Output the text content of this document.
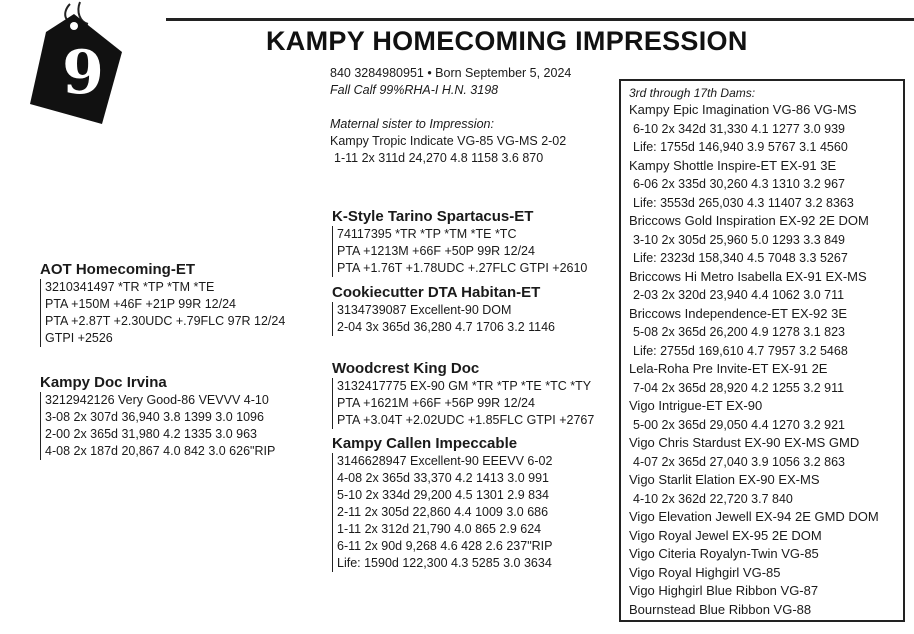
9	KAMPY HOMECOMING IMPRESSION
840 3284980951 • Born September 5, 2024
Fall Calf 99%RHA-I H.N. 3198
Maternal sister to Impression:
Kampy Tropic Indicate VG-85 VG-MS 2-02
1-11 2x 311d 24,270 4.8 1158 3.6 870
AOT Homecoming-ET
3210341497 *TR *TP *TM *TE
PTA +150M +46F +21P 99R 12/24
PTA +2.87T +2.30UDC +.79FLC 97R 12/24
GTPI +2526
Kampy Doc Irvina
3212942126 Very Good-86 VEVVV 4-10
3-08 2x 307d 36,940 3.8 1399 3.0 1096
2-00 2x 365d 31,980 4.2 1335 3.0 963
4-08 2x 187d 20,867 4.0 842 3.0 626"RIP
K-Style Tarino Spartacus-ET
74117395 *TR *TP *TM *TE *TC
PTA +1213M +66F +50P 99R 12/24
PTA +1.76T +1.78UDC +.27FLC GTPI +2610
Cookiecutter DTA Habitan-ET
3134739087 Excellent-90 DOM
2-04 3x 365d 36,280 4.7 1706 3.2 1146
Woodcrest King Doc
3132417775 EX-90 GM *TR *TP *TE *TC *TY
PTA +1621M +66F +56P 99R 12/24
PTA +3.04T +2.02UDC +1.85FLC GTPI +2767
Kampy Callen Impeccable
3146628947 Excellent-90 EEEVV 6-02
4-08 2x 365d 33,370 4.2 1413 3.0 991
5-10 2x 334d 29,200 4.5 1301 2.9 834
2-11 2x 305d 22,860 4.4 1009 3.0 686
1-11 2x 312d 21,790 4.0 865 2.9 624
6-11 2x 90d 9,268 4.6 428 2.6 237"RIP
Life: 1590d 122,300 4.3 5285 3.0 3634
3rd through 17th Dams:
Kampy Epic Imagination VG-86 VG-MS
6-10 2x 342d 31,330 4.1 1277 3.0 939
Life: 1755d 146,940 3.9 5767 3.1 4560
Kampy Shottle Inspire-ET EX-91 3E
6-06 2x 335d 30,260 4.3 1310 3.2 967
Life: 3553d 265,030 4.3 11407 3.2 8363
Briccows Gold Inspiration EX-92 2E DOM
3-10 2x 305d 25,960 5.0 1293 3.3 849
Life: 2323d 158,340 4.5 7048 3.3 5267
Briccows Hi Metro Isabella EX-91 EX-MS
2-03 2x 320d 23,940 4.4 1062 3.0 711
Briccows Independence-ET EX-92 3E
5-08 2x 365d 26,200 4.9 1278 3.1 823
Life: 2755d 169,610 4.7 7957 3.2 5468
Lela-Roha Pre Invite-ET EX-91 2E
7-04 2x 365d 28,920 4.2 1255 3.2 911
Vigo Intrigue-ET EX-90
5-00 2x 365d 29,050 4.4 1270 3.2 921
Vigo Chris Stardust EX-90 EX-MS GMD
4-07 2x 365d 27,040 3.9 1056 3.2 863
Vigo Starlit Elation EX-90 EX-MS
4-10 2x 362d 22,720 3.7 840
Vigo Elevation Jewell EX-94 2E GMD DOM
Vigo Royal Jewel EX-95 2E DOM
Vigo Citeria Royalyn-Twin VG-85
Vigo Royal Highgirl VG-85
Vigo Highgirl Blue Ribbon VG-87
Bournstead Blue Ribbon VG-88
